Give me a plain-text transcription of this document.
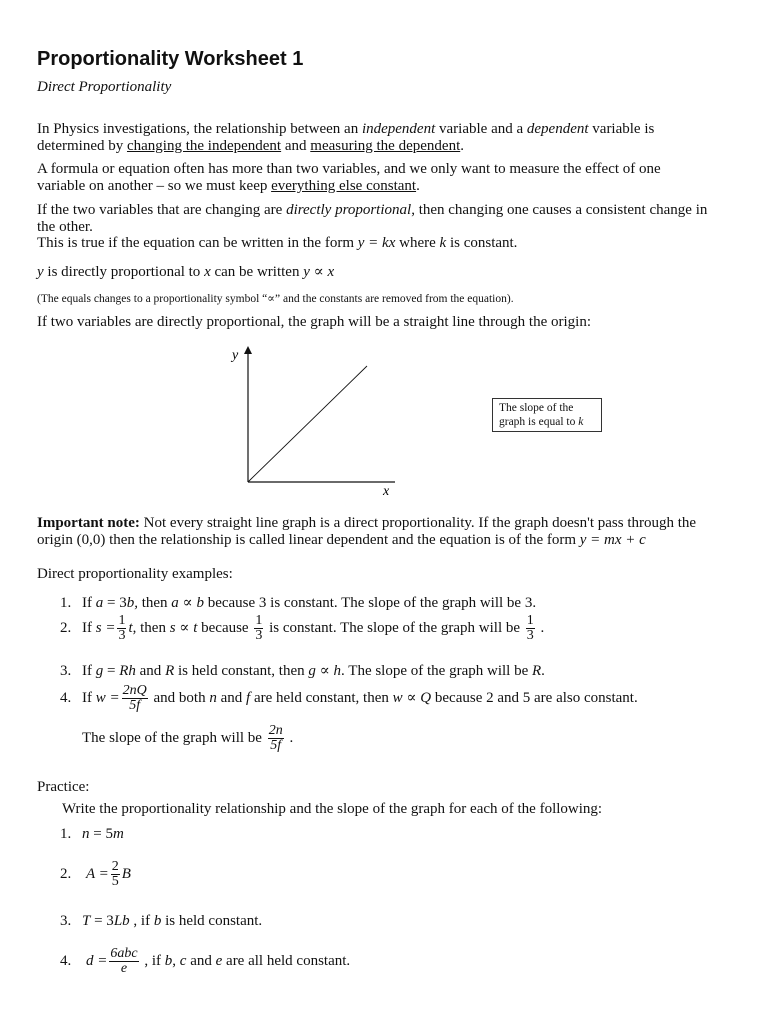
Proportionality Worksheet 1
Direct Proportionality

In Physics investigations, the relationship between an independent variable and a dependent variable is

determined by changing the independent and measuring the dependent.

A formula or equation often has more than two variables, and we only want to measure the effect of one

variable on another – so we must keep everything else constant.

If the two variables that are changing are directly proportional, then changing one causes a consistent change in

the other.

This is true if the equation can be written in the form y = kx where k is constant.

y is directly proportional to x can be written y ∝ x

(The equals changes to a proportionality symbol “∝” and the constants are removed from the equation).

If two variables are directly proportional, the graph will be a straight line through the origin:

y
x
The slope of the
graph is equal to k

Important note: Not every straight line graph is a direct proportionality. If the graph doesn't pass through the

origin (0,0) then the relationship is called linear dependent and the equation is of the form y = mx + c

Direct proportionality examples:

1. If a = 3b, then a ∝ b because 3 is constant. The slope of the graph will be 3.
2. If $s = \frac{1}{3} t$, then s ∝ t because $\frac{1}{3}$ is constant. The slope of the graph will be $\frac{1}{3}$ .
3. If g = Rh and R is held constant, then g ∝ h. The slope of the graph will be R.
4. If $w = \frac{2nQ}{5f}$ and both n and f are held constant, then w ∝ Q because 2 and 5 are also constant.
The slope of the graph will be $\frac{2n}{5f}$ .

Practice:

Write the proportionality relationship and the slope of the graph for each of the following:

1. n = 5m
2. $A = \frac{2}{5}$ B
3. T = 3Lb , if b is held constant.
4. $d = \frac{\text{6abc}}{e}$ , if b, c and e are all held constant.
